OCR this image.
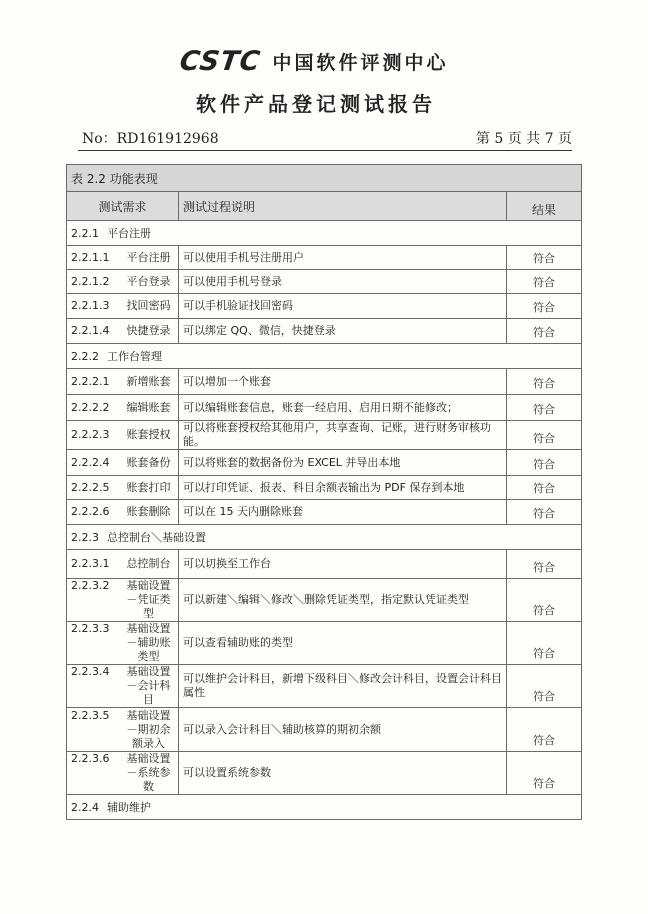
CSTC 中国软件评测中心
软件产品登记测试报告
No：RD161912968	第 5 页 共 7 页
表 2.2 功能表现		
测试需求	测试过程说明	结果
2.2.1 平台注册		

2.2.1.1 平台注册	可以使用手机号注册用户	符合

2.2.1.2 平台登录	可以使用手机号登录	符合

2.2.1.3 找回密码	可以手机验证找回密码	符合

2.2.1.4 快捷登录	可以绑定 QQ、微信，快捷登录	符合
2.2.2 工作台管理		

2.2.2.1 新增账套	可以增加一个账套	符合

2.2.2.2 编辑账套	可以编辑账套信息，账套一经启用、启用日期不能修改；	符合

2.2.2.3 账套授权	可以将账套授权给其他用户，共享查询、记账，进行财务审核功能。	符合

2.2.2.4 账套备份	可以将账套的数据备份为 EXCEL 并导出本地	符合

2.2.2.5 账套打印	可以打印凭证、报表、科目余额表输出为 PDF 保存到本地	符合

2.2.2.6 账套删除	可以在 15 天内删除账套	符合
2.2.3 总控制台＼基础设置		

2.2.3.1 总控制台	可以切换至工作台	符合

2.2.3.2 基础设置－凭证类型	可以新建＼编辑＼修改＼删除凭证类型，指定默认凭证类型	符合

2.2.3.3 基础设置－辅助账类型	可以查看辅助账的类型	符合

2.2.3.4 基础设置－会计科目	可以维护会计科目，新增下级科目＼修改会计科目，设置会计科目属性	符合

2.2.3.5 基础设置－期初余额录入	可以录入会计科目＼辅助核算的期初余额	符合

2.2.3.6 基础设置－系统参数	可以设置系统参数	符合
2.2.4 辅助维护		
